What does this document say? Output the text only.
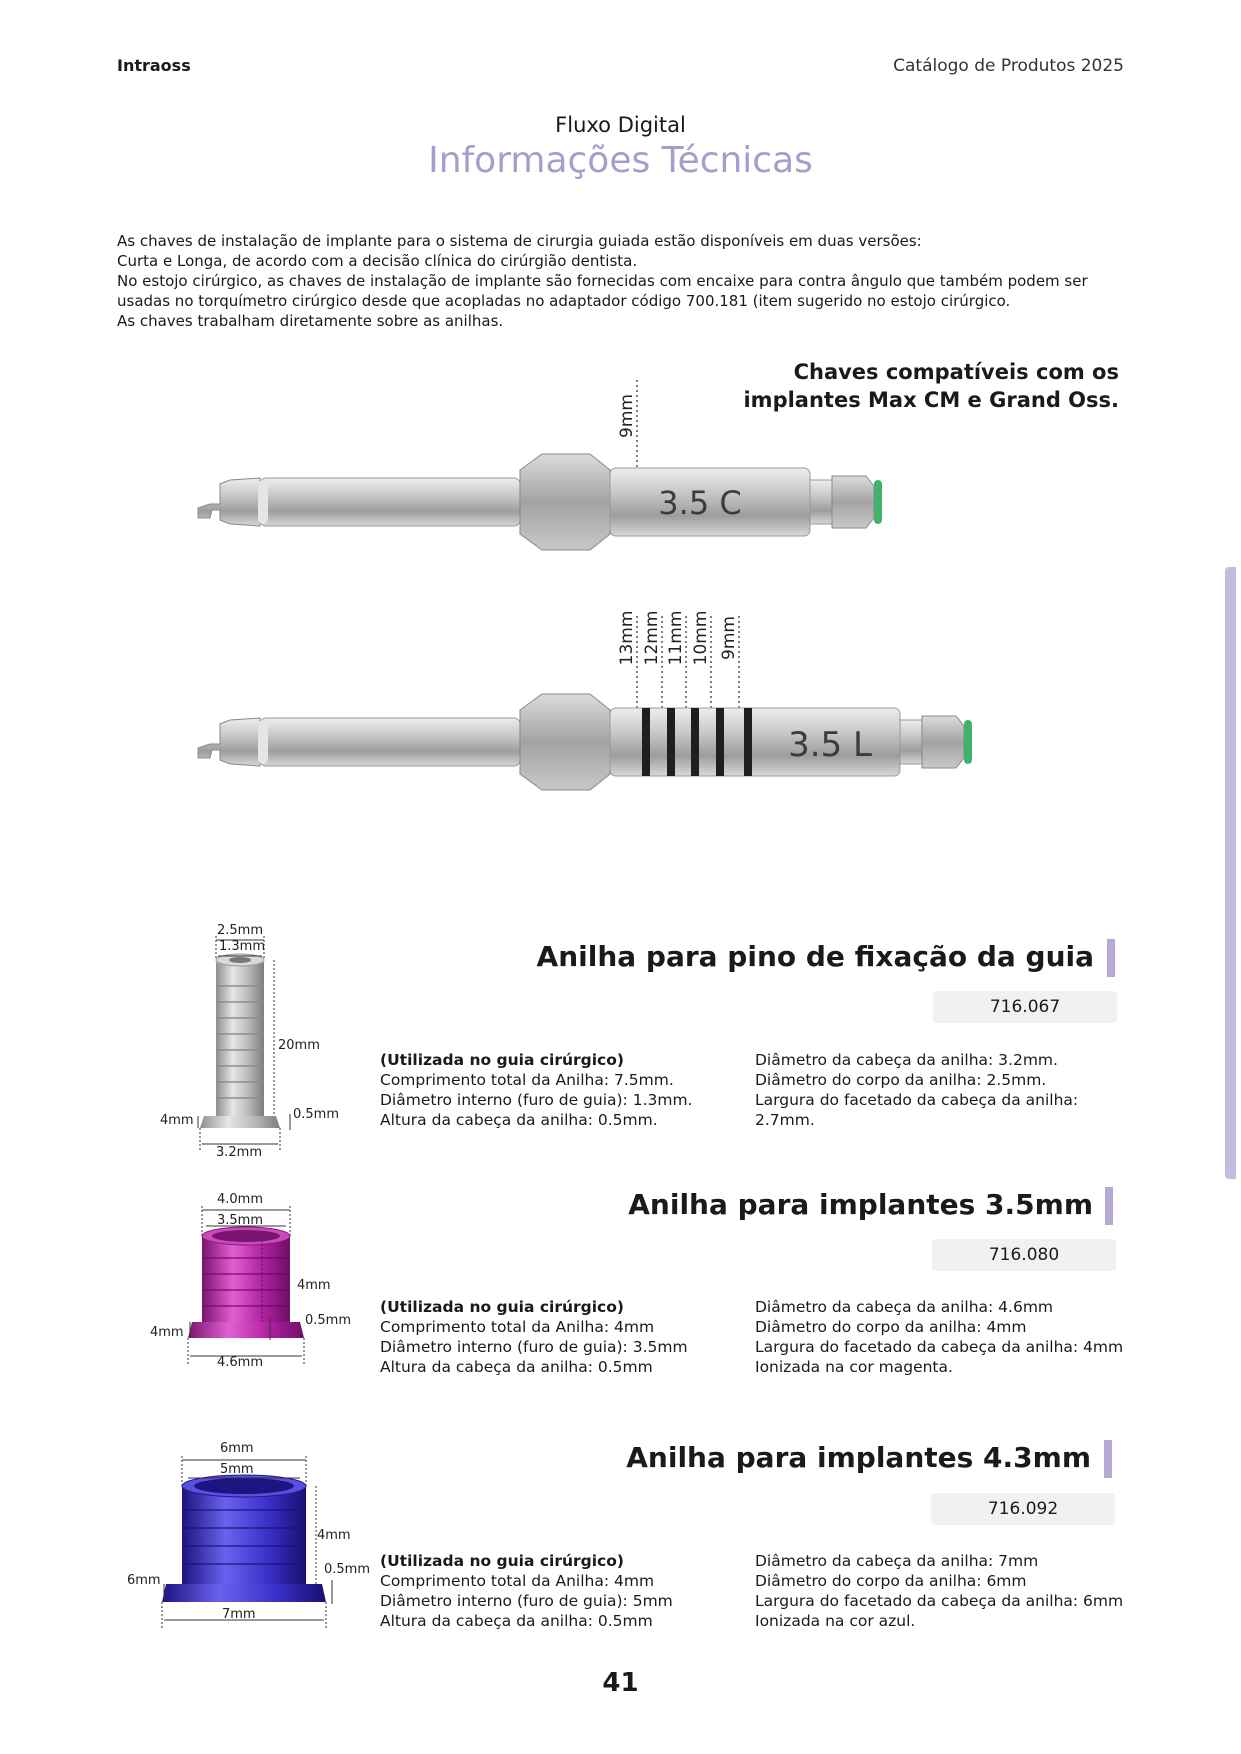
Intraoss	Catálogo de Produtos 2025
Fluxo Digital
Informações Técnicas

As chaves de instalação de implante para o sistema de cirurgia guiada estão disponíveis em duas versões:

Curta e Longa, de acordo com a decisão clínica do cirúrgião dentista.

No estojo cirúrgico, as chaves de instalação de implante são fornecidas com encaixe para contra ângulo que também podem ser

usadas no torquímetro cirúrgico desde que acopladas no adaptador código 700.181 (item sugerido no estojo cirúrgico.

As chaves trabalham diretamente sobre as anilhas.

Chaves compatíveis com os
implantes Max CM e Grand Oss.
9mm
3.5 C
13mm 12mm 11mm 10mm 9mm
3.5 L
2.5mm
1.3mm
20mm
0.5mm
4mm
3.2mm
Anilha para pino de fixação da guia
716.067
(Utilizada no guia cirúrgico)
Comprimento total da Anilha: 7.5mm.
Diâmetro interno (furo de guia): 1.3mm.
Altura da cabeça da anilha: 0.5mm.
Diâmetro da cabeça da anilha: 3.2mm.
Diâmetro do corpo da anilha: 2.5mm.
Largura do facetado da cabeça da anilha:
2.7mm.
4.0mm
3.5mm
4mm
0.5mm
4mm
4.6mm
Anilha para implantes 3.5mm
716.080
(Utilizada no guia cirúrgico)
Comprimento total da Anilha: 4mm
Diâmetro interno (furo de guia): 3.5mm
Altura da cabeça da anilha: 0.5mm
Diâmetro da cabeça da anilha: 4.6mm
Diâmetro do corpo da anilha: 4mm
Largura do facetado da cabeça da anilha: 4mm
Ionizada na cor magenta.
6mm
5mm
4mm
0.5mm
6mm
7mm
Anilha para implantes 4.3mm
716.092
(Utilizada no guia cirúrgico)
Comprimento total da Anilha: 4mm
Diâmetro interno (furo de guia): 5mm
Altura da cabeça da anilha: 0.5mm
Diâmetro da cabeça da anilha: 7mm
Diâmetro do corpo da anilha: 6mm
Largura do facetado da cabeça da anilha: 6mm
Ionizada na cor azul.
41
